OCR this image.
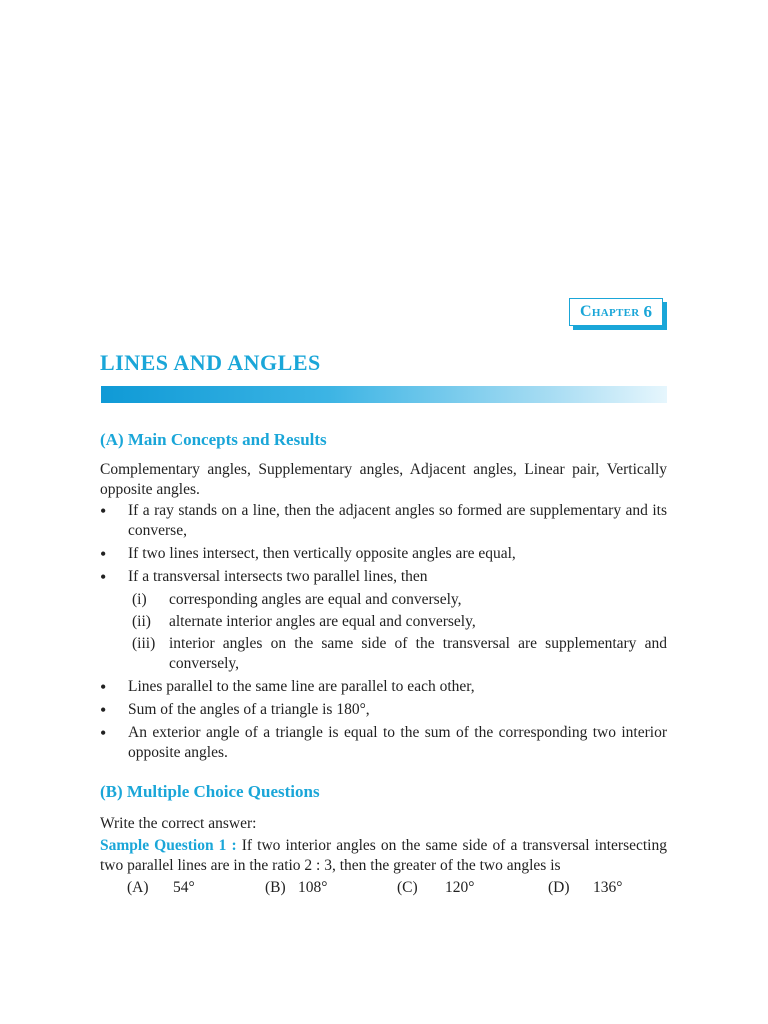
Chapter 6
LINES AND ANGLES
(A) Main Concepts and Results

Complementary angles, Supplementary angles, Adjacent angles, Linear pair, Vertically opposite angles.

• If a ray stands on a line, then the adjacent angles so formed are supplementary and its converse,
• If two lines intersect, then vertically opposite angles are equal,
• If a transversal intersects two parallel lines, then
(i) corresponding angles are equal and conversely,
(ii) alternate interior angles are equal and conversely,
(iii) interior angles on the same side of the transversal are supplementary and conversely,
• Lines parallel to the same line are parallel to each other,
• Sum of the angles of a triangle is 180°,
• An exterior angle of a triangle is equal to the sum of the corresponding two interior opposite angles.
(B) Multiple Choice Questions

Write the correct answer:

Sample Question 1 : If two interior angles on the same side of a transversal intersecting two parallel lines are in the ratio 2 : 3, then the greater of the two angles is

(A) 54°	(B) 108°	(C) 120°	(D) 136°
